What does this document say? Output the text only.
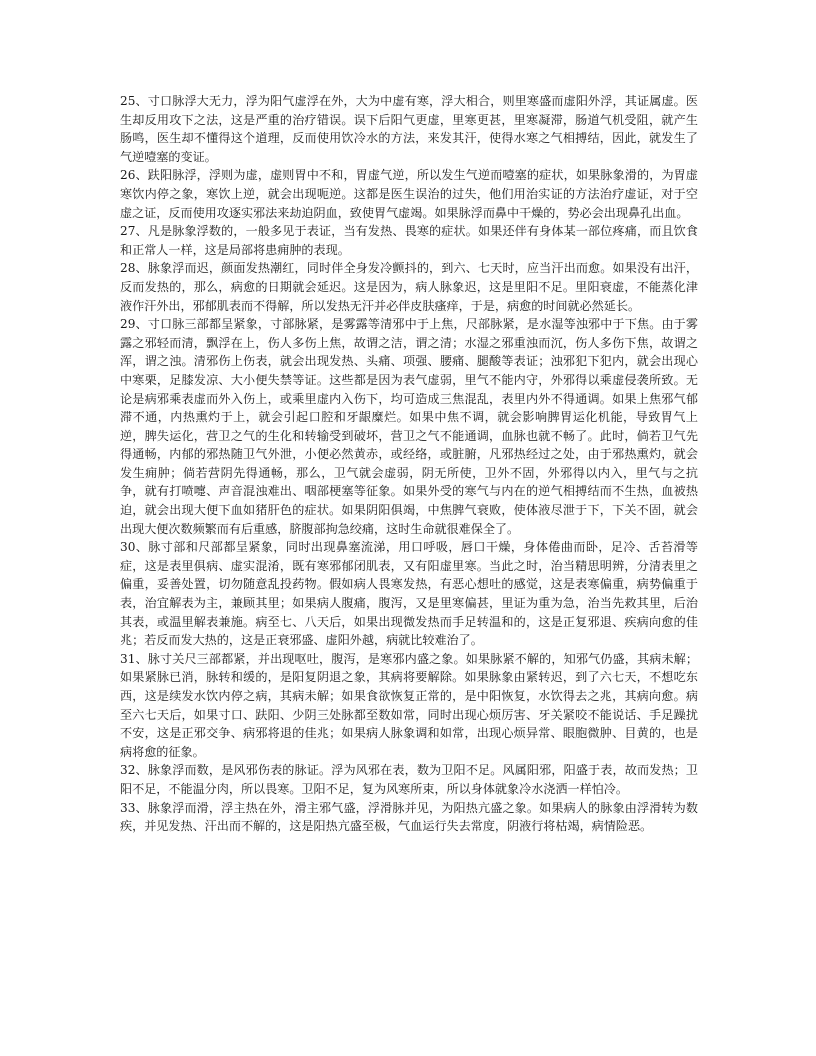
25、寸口脉浮大无力，浮为阳气虚浮在外，大为中虚有寒，浮大相合，则里寒盛而虚阳外浮，其证属虚。医生却反用攻下之法，这是严重的治疗错误。误下后阳气更虚，里寒更甚，里寒凝滞，肠道气机受阻，就产生肠鸣，医生却不懂得这个道理，反而使用饮冷水的方法，来发其汗，使得水寒之气相搏结，因此，就发生了气逆噎塞的变证。

26、趺阳脉浮，浮则为虚，虚则胃中不和，胃虚气逆，所以发生气逆而噎塞的症状，如果脉象滑的，为胃虚寒饮内停之象，寒饮上逆，就会出现呃逆。这都是医生误治的过失，他们用治实证的方法治疗虚证，对于空虚之证，反而使用攻逐实邪法来劫迫阴血，致使胃气虚竭。如果脉浮而鼻中干燥的，势必会出现鼻孔出血。

27、凡是脉象浮数的，一般多见于表证，当有发热、畏寒的症状。如果还伴有身体某一部位疼痛，而且饮食和正常人一样，这是局部将患痈肿的表现。

28、脉象浮而迟，颜面发热潮红，同时伴全身发冷颤抖的，到六、七天时，应当汗出而愈。如果没有出汗，反而发热的，那么，病愈的日期就会延迟。这是因为，病人脉象迟，这是里阳不足。里阳衰虚，不能蒸化津液作汗外出，邪郁肌表而不得解，所以发热无汗并必伴皮肤瘙痒，于是，病愈的时间就必然延长。

29、寸口脉三部都呈紧象，寸部脉紧，是雾露等清邪中于上焦，尺部脉紧，是水湿等浊邪中于下焦。由于雾露之邪轻而清，飘浮在上，伤人多伤上焦，故谓之洁，谓之清；水湿之邪重浊而沉，伤人多伤下焦，故谓之浑，谓之浊。清邪伤上伤表，就会出现发热、头痛、项强、腰痛、腿酸等表证；浊邪犯下犯内，就会出现心中寒栗，足膝发凉、大小便失禁等证。这些都是因为表气虚弱，里气不能内守，外邪得以乘虚侵袭所致。无论是病邪乘表虚而外入伤上，或乘里虚内入伤下，均可造成三焦混乱，表里内外不得通调。如果上焦邪气郁滞不通，内热熏灼于上，就会引起口腔和牙龈糜烂。如果中焦不调，就会影响脾胃运化机能，导致胃气上逆，脾失运化，营卫之气的生化和转输受到破坏，营卫之气不能通调，血脉也就不畅了。此时，倘若卫气先得通畅，内郁的邪热随卫气外泄，小便必然黄赤，或经络，或脏腑，凡邪热经过之处，由于邪热熏灼，就会发生痈肿；倘若营阴先得通畅，那么，卫气就会虚弱，阴无所使，卫外不固，外邪得以内入，里气与之抗争，就有打喷嚏、声音混浊难出、咽部梗塞等征象。如果外受的寒气与内在的逆气相搏结而不生热，血被热迫，就会出现大便下血如猪肝色的症状。如果阴阳俱竭，中焦脾气衰败，使体液尽泄于下，下关不固，就会出现大便次数频繁而有后重感，脐腹部拘急绞痛，这时生命就很难保全了。

30、脉寸部和尺部都呈紧象，同时出现鼻塞流涕，用口呼吸，唇口干燥，身体倦曲而卧，足冷、舌苔滑等症，这是表里俱病、虚实混淆，既有寒邪郁闭肌表，又有阳虚里寒。当此之时，治当精思明辨，分清表里之偏重，妥善处置，切勿随意乱投药物。假如病人畏寒发热，有恶心想吐的感觉，这是表寒偏重，病势偏重于表，治宜解表为主，兼顾其里；如果病人腹痛，腹泻，又是里寒偏甚，里证为重为急，治当先救其里，后治其表，或温里解表兼施。病至七、八天后，如果出现微发热而手足转温和的，这是正复邪退、疾病向愈的佳兆；若反而发大热的，这是正衰邪盛、虚阳外越，病就比较难治了。

31、脉寸关尺三部都紧，并出现呕吐，腹泻，是寒邪内盛之象。如果脉紧不解的，知邪气仍盛，其病未解；如果紧脉已消，脉转和缓的，是阳复阴退之象，其病将要解除。如果脉象由紧转迟，到了六七天，不想吃东西，这是续发水饮内停之病，其病未解；如果食欲恢复正常的，是中阳恢复，水饮得去之兆，其病向愈。病至六七天后，如果寸口、趺阳、少阴三处脉都至数如常，同时出现心烦厉害、牙关紧咬不能说话、手足躁扰不安，这是正邪交争、病邪将退的佳兆；如果病人脉象调和如常，出现心烦异常、眼胞微肿、目黄的，也是病将愈的征象。

32、脉象浮而数，是风邪伤表的脉证。浮为风邪在表，数为卫阳不足。风属阳邪，阳盛于表，故而发热；卫阳不足，不能温分肉，所以畏寒。卫阳不足，复为风寒所束，所以身体就象冷水浇洒一样怕冷。

33、脉象浮而滑，浮主热在外，滑主邪气盛，浮滑脉并见，为阳热亢盛之象。如果病人的脉象由浮滑转为数疾，并见发热、汗出而不解的，这是阳热亢盛至极，气血运行失去常度，阴液行将枯竭，病情险恶。
